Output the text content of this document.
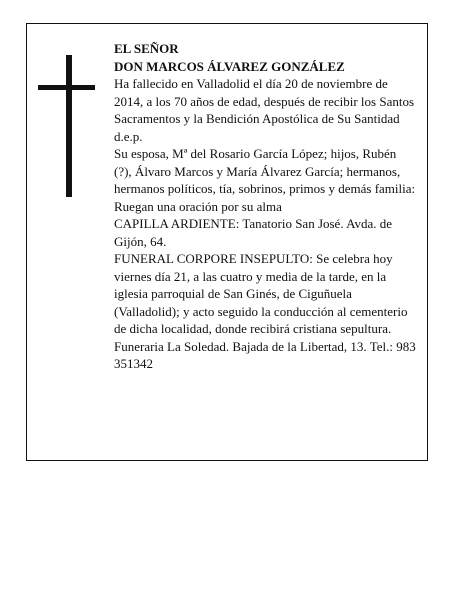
EL SEÑOR

DON MARCOS ÁLVAREZ GONZÁLEZ

Ha fallecido en Valladolid el día 20 de noviembre de 2014, a los 70 años de edad, después de recibir los Santos Sacramentos y la Bendición Apostólica de Su Santidad

d.e.p.

Su esposa, Mª del Rosario García López; hijos, Rubén (?), Álvaro Marcos y María Álvarez García; hermanos, hermanos políticos, tía, sobrinos, primos y demás familia:

Ruegan una oración por su alma

CAPILLA ARDIENTE: Tanatorio San José. Avda. de Gijón, 64.

FUNERAL CORPORE INSEPULTO: Se celebra hoy viernes día 21, a las cuatro y media de la tarde, en la iglesia parroquial de San Ginés, de Ciguñuela (Valladolid); y acto seguido la conducción al cementerio de dicha localidad, donde recibirá cristiana sepultura.

Funeraria La Soledad. Bajada de la Libertad, 13. Tel.: 983 351342
